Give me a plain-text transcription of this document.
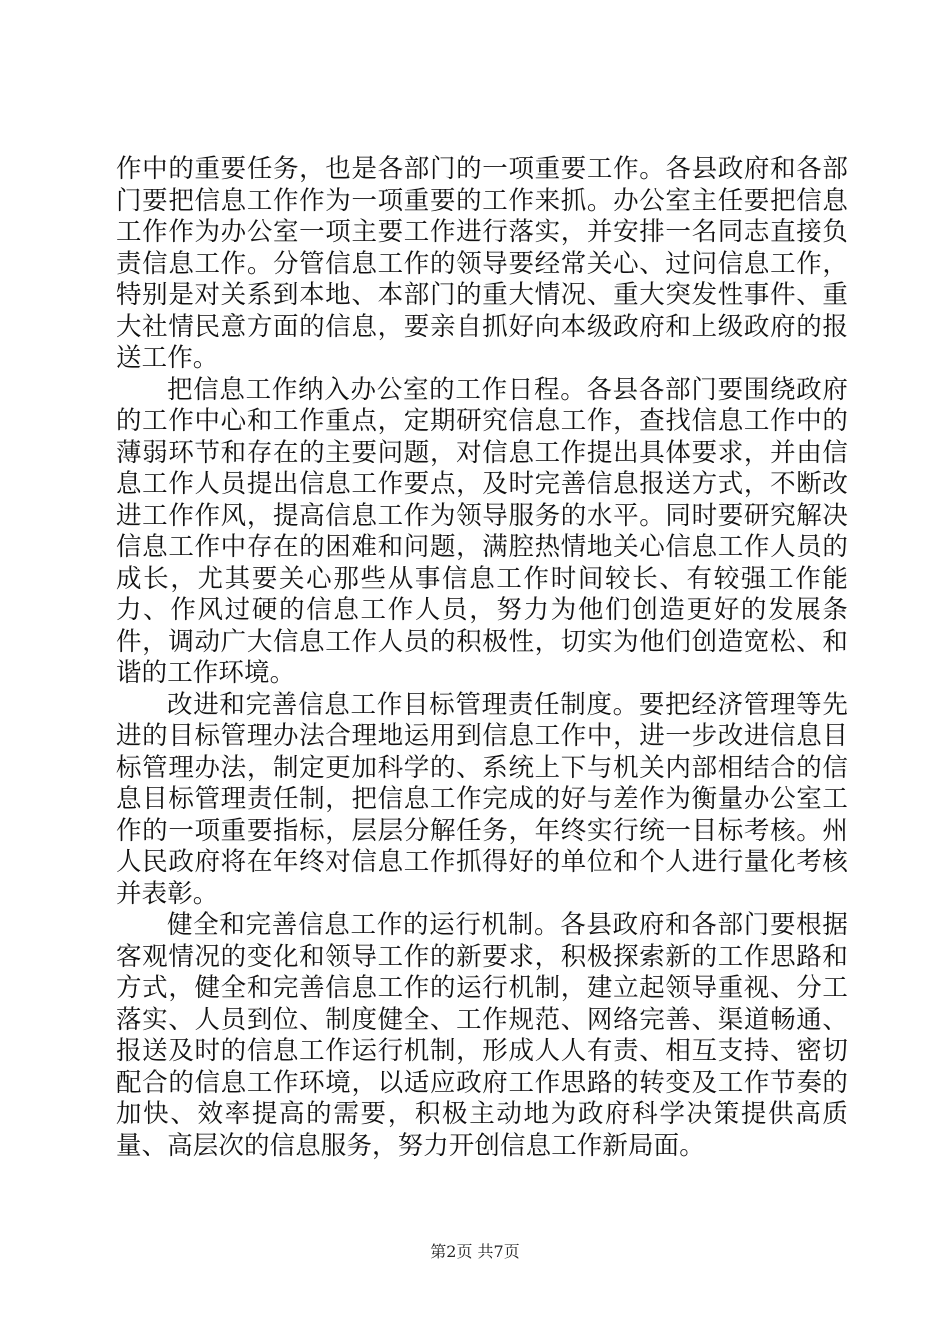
作中的重要任务，也是各部门的一项重要工作。各县政府和各部门要把信息工作作为一项重要的工作来抓。办公室主任要把信息工作作为办公室一项主要工作进行落实，并安排一名同志直接负责信息工作。分管信息工作的领导要经常关心、过问信息工作，特别是对关系到本地、本部门的重大情况、重大突发性事件、重大社情民意方面的信息，要亲自抓好向本级政府和上级政府的报送工作。

把信息工作纳入办公室的工作日程。各县各部门要围绕政府的工作中心和工作重点，定期研究信息工作，查找信息工作中的薄弱环节和存在的主要问题，对信息工作提出具体要求，并由信息工作人员提出信息工作要点，及时完善信息报送方式，不断改进工作作风，提高信息工作为领导服务的水平。同时要研究解决信息工作中存在的困难和问题，满腔热情地关心信息工作人员的成长，尤其要关心那些从事信息工作时间较长、有较强工作能力、作风过硬的信息工作人员，努力为他们创造更好的发展条件，调动广大信息工作人员的积极性，切实为他们创造宽松、和谐的工作环境。

改进和完善信息工作目标管理责任制度。要把经济管理等先进的目标管理办法合理地运用到信息工作中，进一步改进信息目标管理办法，制定更加科学的、系统上下与机关内部相结合的信息目标管理责任制，把信息工作完成的好与差作为衡量办公室工作的一项重要指标，层层分解任务，年终实行统一目标考核。州人民政府将在年终对信息工作抓得好的单位和个人进行量化考核并表彰。

健全和完善信息工作的运行机制。各县政府和各部门要根据客观情况的变化和领导工作的新要求，积极探索新的工作思路和方式，健全和完善信息工作的运行机制，建立起领导重视、分工落实、人员到位、制度健全、工作规范、网络完善、渠道畅通、报送及时的信息工作运行机制，形成人人有责、相互支持、密切配合的信息工作环境，以适应政府工作思路的转变及工作节奏的加快、效率提高的需要，积极主动地为政府科学决策提供高质量、高层次的信息服务，努力开创信息工作新局面。

第2页 共7页
